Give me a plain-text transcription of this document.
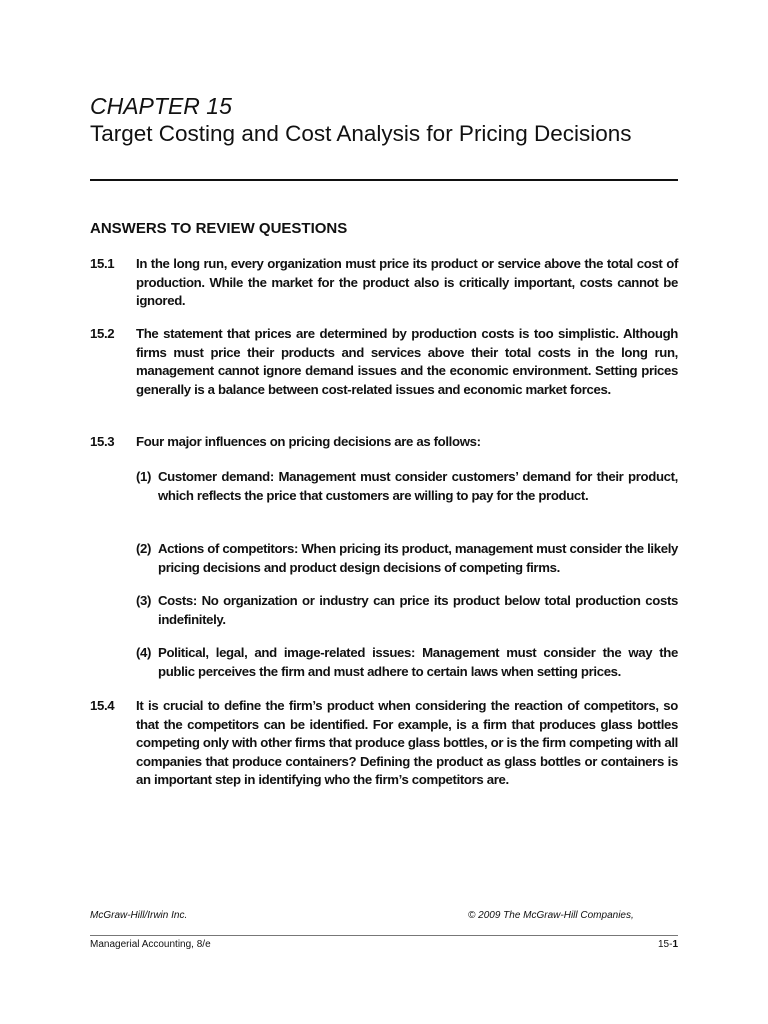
CHAPTER 15
Target Costing and Cost Analysis for Pricing Decisions
ANSWERS TO REVIEW QUESTIONS
15.1 In the long run, every organization must price its product or service above the total cost of production. While the market for the product also is critically important, costs cannot be ignored.
15.2 The statement that prices are determined by production costs is too simplistic. Although firms must price their products and services above their total costs in the long run, management cannot ignore demand issues and the economic environment. Setting prices generally is a balance between cost-related issues and economic market forces.
15.3 Four major influences on pricing decisions are as follows:
(1) Customer demand: Management must consider customers’ demand for their product, which reflects the price that customers are willing to pay for the product.
(2) Actions of competitors: When pricing its product, management must consider the likely pricing decisions and product design decisions of competing firms.
(3) Costs: No organization or industry can price its product below total production costs indefinitely.
(4) Political, legal, and image-related issues: Management must consider the way the public perceives the firm and must adhere to certain laws when setting prices.
15.4 It is crucial to define the firm’s product when considering the reaction of competitors, so that the competitors can be identified. For example, is a firm that produces glass bottles competing only with other firms that produce glass bottles, or is the firm competing with all companies that produce containers? Defining the product as glass bottles or containers is an important step in identifying who the firm’s competitors are.
McGraw-Hill/Irwin Inc.	© 2009 The McGraw-Hill Companies,
Managerial Accounting, 8/e	15-1
